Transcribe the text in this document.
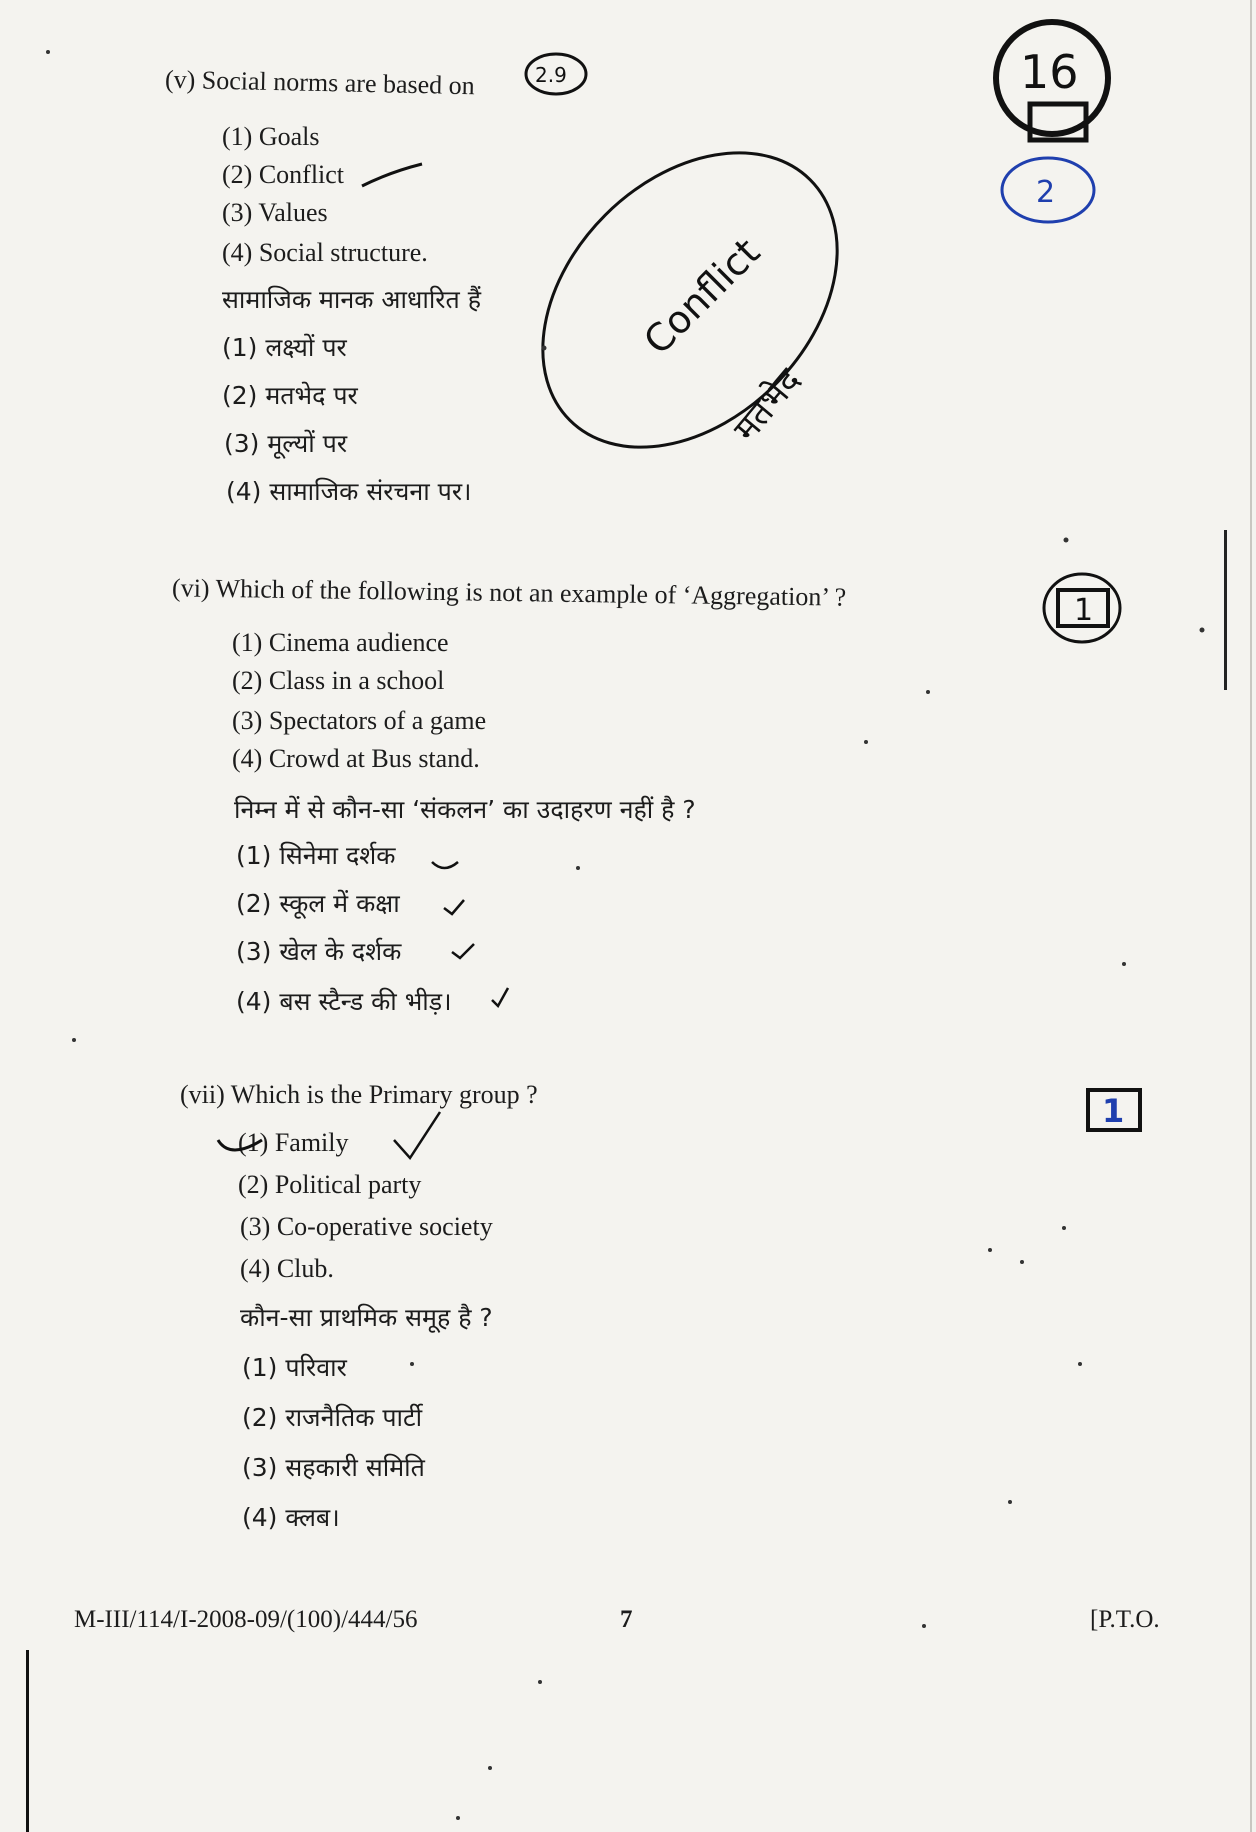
(v) Social norms are based on
(1) Goals
(2) Conflict
(3) Values
(4) Social structure.
सामाजिक मानक आधारित हैं
(1) लक्ष्यों पर
(2) मतभेद पर
(3) मूल्यों पर
(4) सामाजिक संरचना पर।
(vi) Which of the following is not an example of ‘Aggregation’ ?
(1) Cinema audience
(2) Class in a school
(3) Spectators of a game
(4) Crowd at Bus stand.
निम्न में से कौन-सा ‘संकलन’ का उदाहरण नहीं है ?
(1) सिनेमा दर्शक
(2) स्कूल में कक्षा
(3) खेल के दर्शक
(4) बस स्टैन्ड की भीड़।
(vii) Which is the Primary group ?
(1) Family
(2) Political party
(3) Co-operative society
(4) Club.
कौन-सा प्राथमिक समूह है ?
(1) परिवार
(2) राजनैतिक पार्टी
(3) सहकारी समिति
(4) क्लब।
M-III/114/I-2008-09/(100)/444/56	7	[P.T.O.
16
2
2.9
Conflict
मतभेद
1
1
